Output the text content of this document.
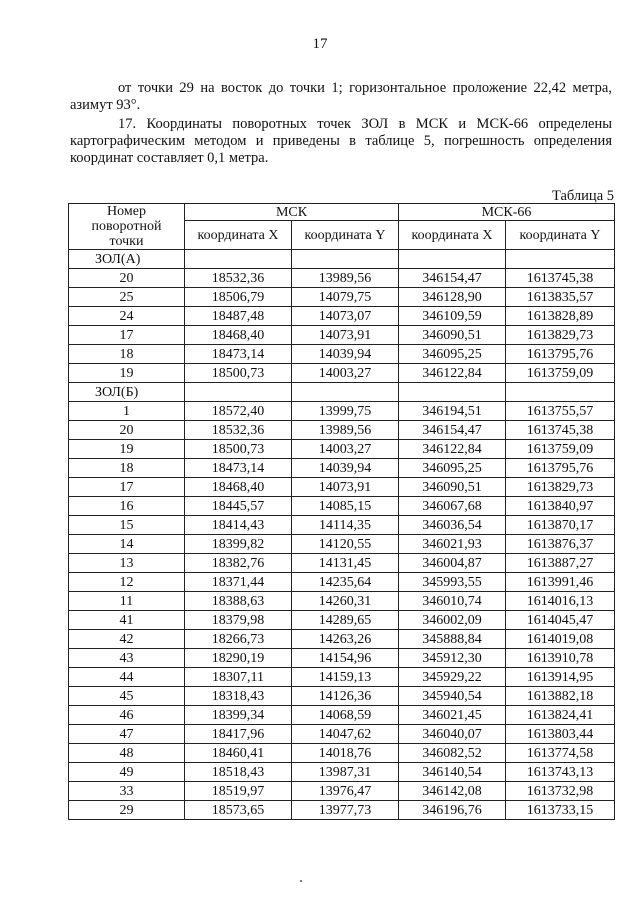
17

от точки 29 на восток до точки 1; горизонтальное проложение 22,42 метра, азимут 93°.

17. Координаты поворотных точек ЗОЛ в МСК и МСК-66 определены картографическим методом и приведены в таблице 5, погрешность определения координат составляет 0,1 метра.

Таблица 5
Номер поворотной точки	МСК		МСК-66	
	координата X	координата Y	координата X	координата Y
ЗОЛ(А)				
20	18532,36	13989,56	346154,47	1613745,38
25	18506,79	14079,75	346128,90	1613835,57
24	18487,48	14073,07	346109,59	1613828,89
17	18468,40	14073,91	346090,51	1613829,73
18	18473,14	14039,94	346095,25	1613795,76
19	18500,73	14003,27	346122,84	1613759,09
ЗОЛ(Б)				
1	18572,40	13999,75	346194,51	1613755,57
20	18532,36	13989,56	346154,47	1613745,38
19	18500,73	14003,27	346122,84	1613759,09
18	18473,14	14039,94	346095,25	1613795,76
17	18468,40	14073,91	346090,51	1613829,73
16	18445,57	14085,15	346067,68	1613840,97
15	18414,43	14114,35	346036,54	1613870,17
14	18399,82	14120,55	346021,93	1613876,37
13	18382,76	14131,45	346004,87	1613887,27
12	18371,44	14235,64	345993,55	1613991,46
11	18388,63	14260,31	346010,74	1614016,13
41	18379,98	14289,65	346002,09	1614045,47
42	18266,73	14263,26	345888,84	1614019,08
43	18290,19	14154,96	345912,30	1613910,78
44	18307,11	14159,13	345929,22	1613914,95
45	18318,43	14126,36	345940,54	1613882,18
46	18399,34	14068,59	346021,45	1613824,41
47	18417,96	14047,62	346040,07	1613803,44
48	18460,41	14018,76	346082,52	1613774,58
49	18518,43	13987,31	346140,54	1613743,13
33	18519,97	13976,47	346142,08	1613732,98
29	18573,65	13977,73	346196,76	1613733,15
